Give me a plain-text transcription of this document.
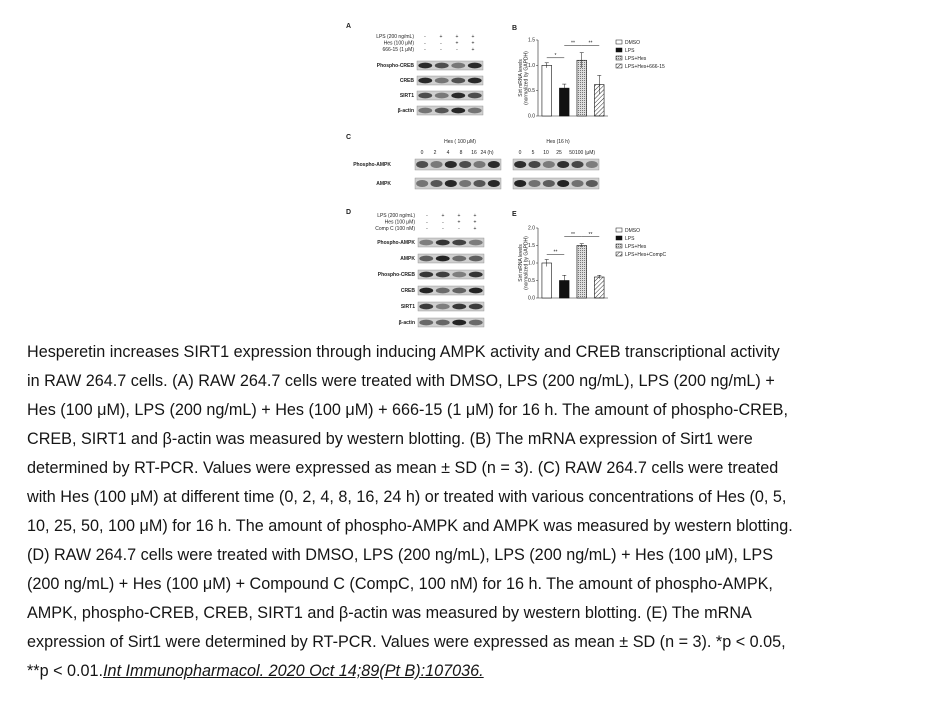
A
LPS (200 ng/mL) -	+	+	+
Hes (100 μM) -	-	+	+
666-15 (1 μM) -	-	-	+
Phospho-CREB
CREB
SIRT1
β-actin
B
0.0
0.5
1.0
1.5
Sirt mRNA levels(normalized by GAPDH)	*
**	**	DMSO
LPS
LPS+Hes
LPS+Hes+666-15
C
Hes ( 100 μM)	Hes (16 h)
0 2 4 8 16 24 (h)	0 5 10 25 50 100 (μM)
Phospho-AMPK
AMPK
D	LPS (200 ng/mL) -	+	+	+
Hes (100 μM) -	-	+	+
Comp C (100 nM) -	-	-	+
Phospho-AMPK
AMPK
Phospho-CREB
CREB
SIRT1
β-actin
E
0.0
0.5
1.0
1.5
2.0
Sirt mRNA levels(normalized by GAPDH)	**
**	**
DMSO
LPS
LPS+Hes
LPS+Hes+CompC
Hesperetin increases SIRT1 expression through inducing AMPK activity and CREB transcriptional activity
in RAW 264.7 cells. (A) RAW 264.7 cells were treated with DMSO, LPS (200 ng/mL), LPS (200 ng/mL) +
Hes (100 μM), LPS (200 ng/mL) + Hes (100 μM) + 666-15 (1 μM) for 16 h. The amount of phospho-CREB,
CREB, SIRT1 and β-actin was measured by western blotting. (B) The mRNA expression of Sirt1 were
determined by RT-PCR. Values were expressed as mean ± SD (n = 3). (C) RAW 264.7 cells were treated
with Hes (100 μM) at different time (0, 2, 4, 8, 16, 24 h) or treated with various concentrations of Hes (0, 5,
10, 25, 50, 100 μM) for 16 h. The amount of phospho-AMPK and AMPK was measured by western blotting.
(D) RAW 264.7 cells were treated with DMSO, LPS (200 ng/mL), LPS (200 ng/mL) + Hes (100 μM), LPS
(200 ng/mL) + Hes (100 μM) + Compound C (CompC, 100 nM) for 16 h. The amount of phospho-AMPK,
AMPK, phospho-CREB, CREB, SIRT1 and β-actin was measured by western blotting. (E) The mRNA
expression of Sirt1 were determined by RT-PCR. Values were expressed as mean ± SD (n = 3). *p < 0.05,
**p < 0.01.Int Immunopharmacol. 2020 Oct 14;89(Pt B):107036.
